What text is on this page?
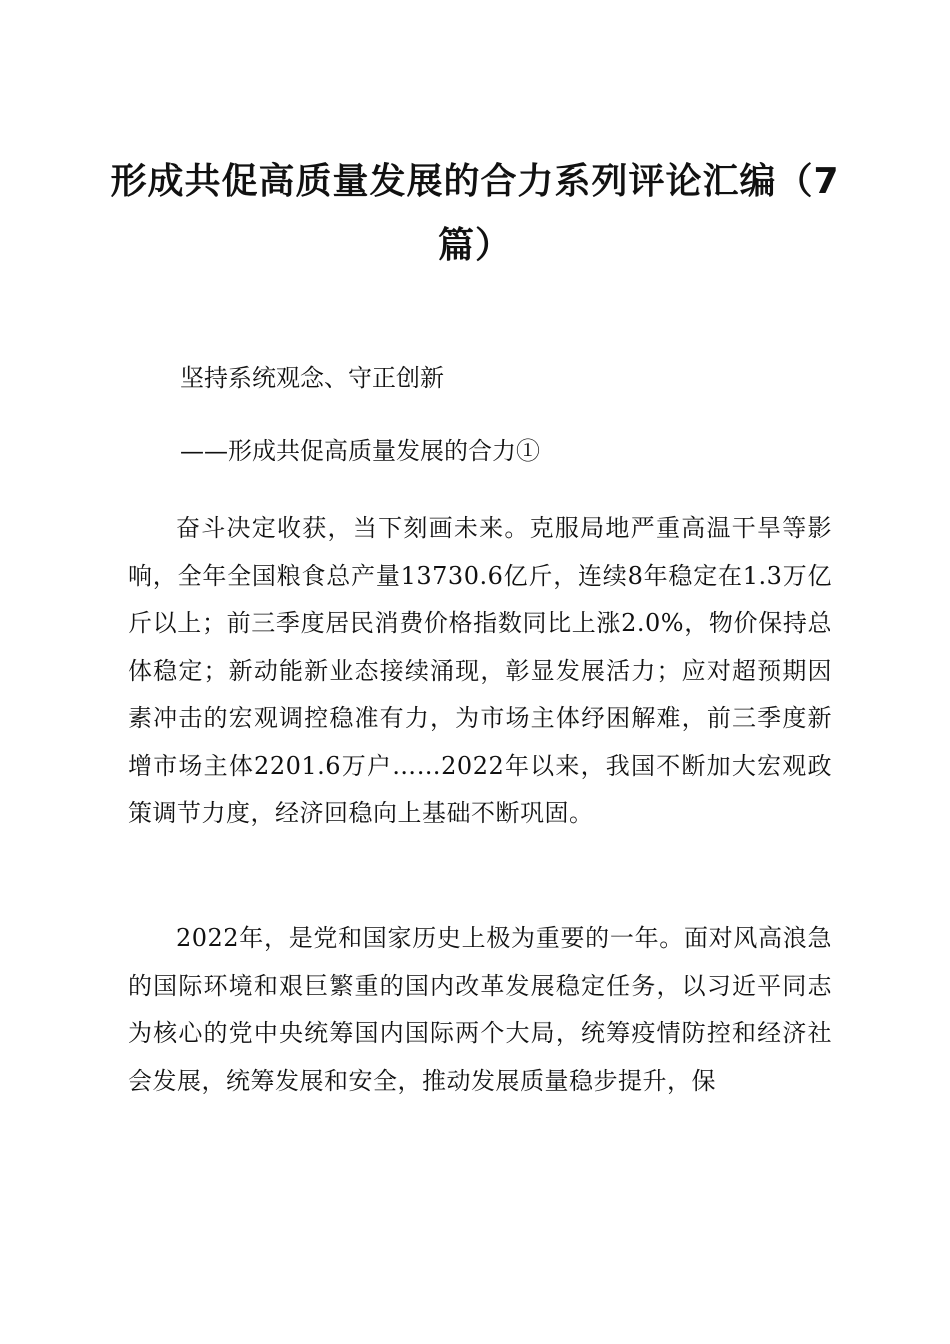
形成共促高质量发展的合力系列评论汇编（7篇）

坚持系统观念、守正创新

——形成共促高质量发展的合力①

奋斗决定收获，当下刻画未来。克服局地严重高温干旱等影响，全年全国粮食总产量13730.6亿斤，连续8年稳定在1.3万亿斤以上；前三季度居民消费价格指数同比上涨2.0%，物价保持总体稳定；新动能新业态接续涌现，彰显发展活力；应对超预期因素冲击的宏观调控稳准有力，为市场主体纾困解难，前三季度新增市场主体2201.6万户……2022年以来，我国不断加大宏观政策调节力度，经济回稳向上基础不断巩固。

2022年，是党和国家历史上极为重要的一年。面对风高浪急的国际环境和艰巨繁重的国内改革发展稳定任务，以习近平同志为核心的党中央统筹国内国际两个大局，统筹疫情防控和经济社会发展，统筹发展和安全，推动发展质量稳步提升，保
